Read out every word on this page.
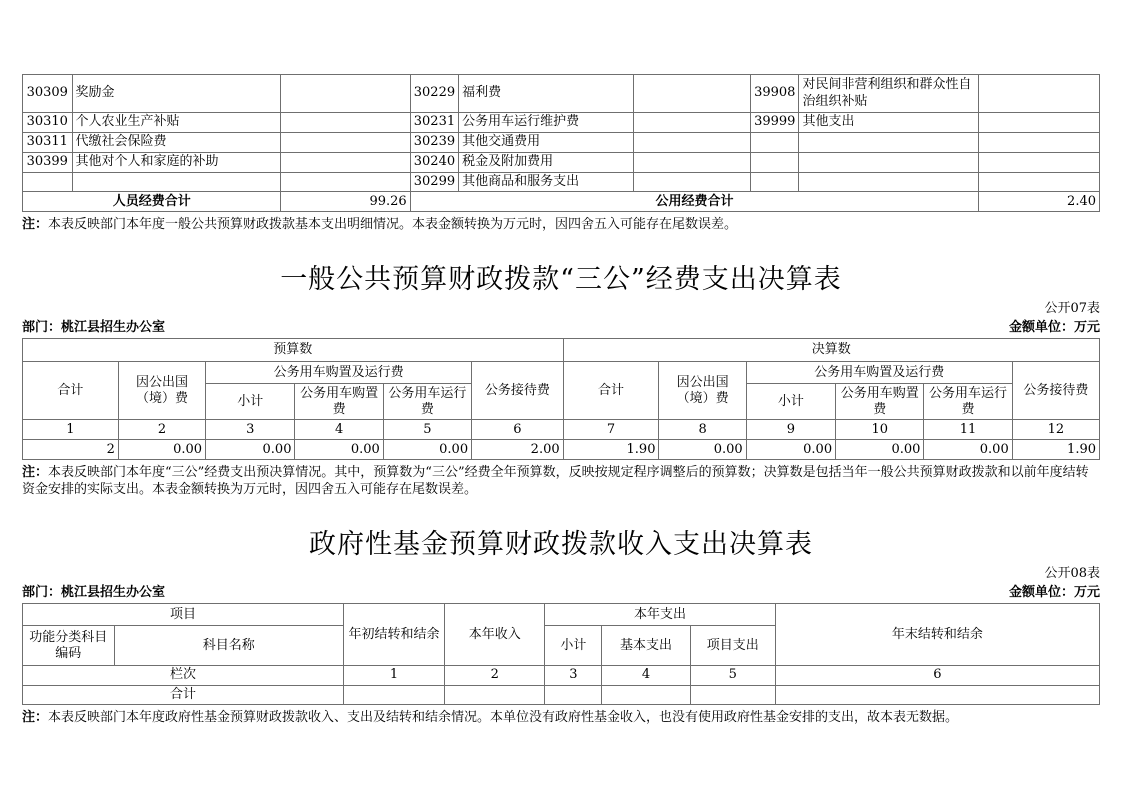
30309	奖励金		30229	福利费		39908	对民间非营利组织和群众性自治组织补贴	
30310	个人农业生产补贴		30231	公务用车运行维护费		39999	其他支出	
30311	代缴社会保险费		30239	其他交通费用				
30399	其他对个人和家庭的补助		30240	税金及附加费用				
			30299	其他商品和服务支出				
人员经费合计		99.26	公用经费合计					2.40

注：本表反映部门本年度一般公共预算财政拨款基本支出明细情况。本表金额转换为万元时，因四舍五入可能存在尾数误差。

一般公共预算财政拨款“三公”经费支出决算表
公开07表
部门：桃江县招生办公室	金额单位：万元
预算数						决算数					
合计	因公出国（境）费	公务用车购置及运行费			公务接待费	合计	因公出国（境）费	公务用车购置及运行费			公务接待费
		小计	公务用车购置费	公务用车运行费				小计	公务用车购置费	公务用车运行费	
1	2	3	4	5	6	7	8	9	10	11	12
2	0.00	0.00	0.00	0.00	2.00	1.90	0.00	0.00	0.00	0.00	1.90

注：本表反映部门本年度“三公”经费支出预决算情况。其中，预算数为“三公”经费全年预算数，反映按规定程序调整后的预算数；决算数是包括当年一般公共预算财政拨款和以前年度结转资金安排的实际支出。本表金额转换为万元时，因四舍五入可能存在尾数误差。

政府性基金预算财政拨款收入支出决算表
公开08表
部门：桃江县招生办公室	金额单位：万元
项目		年初结转和结余	本年收入	本年支出			年末结转和结余
功能分类科目编码	科目名称			小计	基本支出	项目支出	
栏次		1	2	3	4	5	6
合计							

注：本表反映部门本年度政府性基金预算财政拨款收入、支出及结转和结余情况。本单位没有政府性基金收入，也没有使用政府性基金安排的支出，故本表无数据。
